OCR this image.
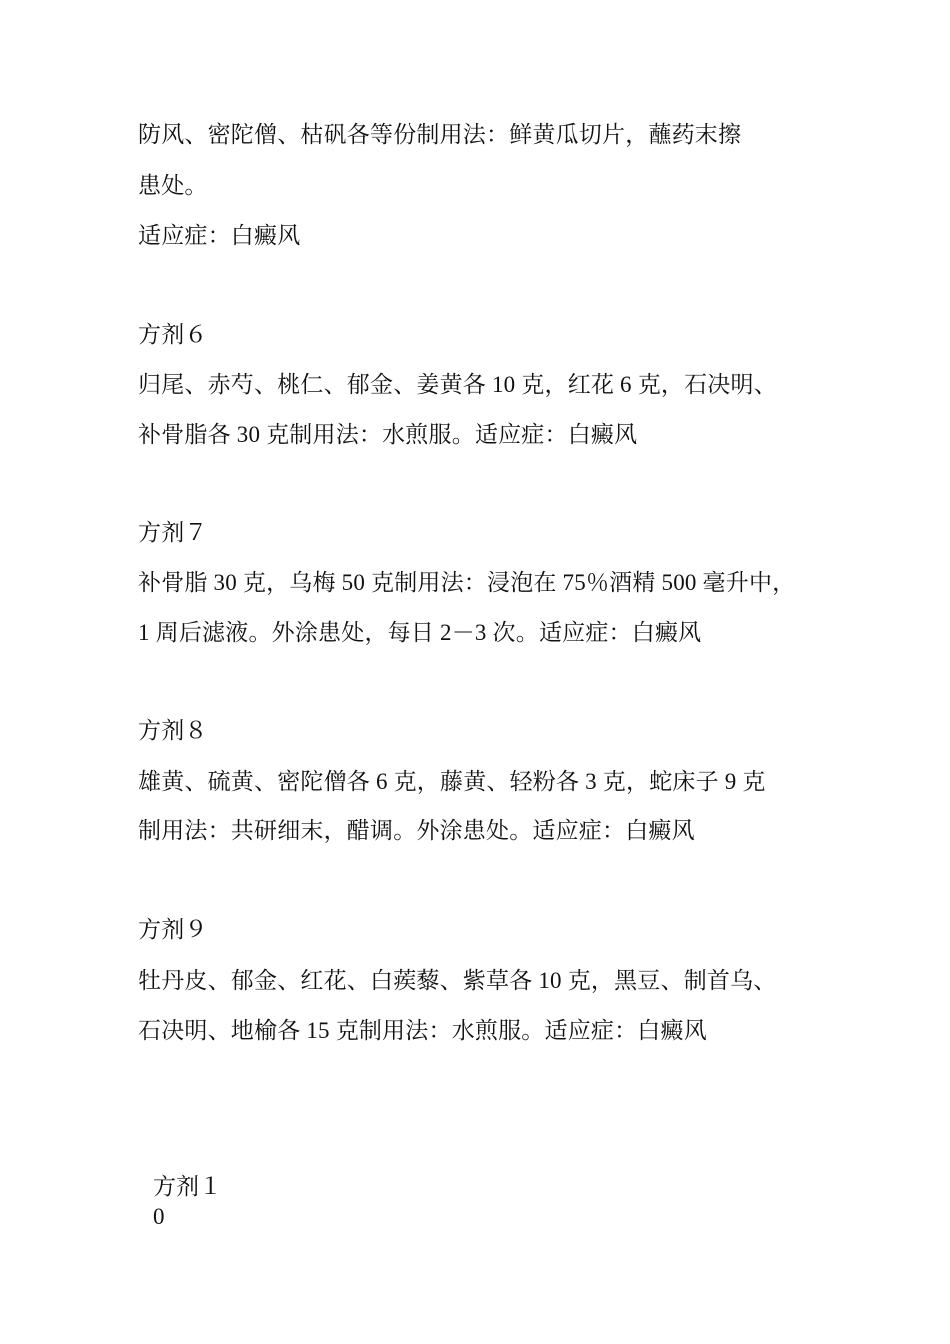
防风、密陀僧、枯矾各等份制用法：鲜黄瓜切片，蘸药末擦
患处。
适应症：白癜风
方剂６
归尾、赤芍、桃仁、郁金、姜黄各 10 克，红花 6 克，石决明、
补骨脂各 30 克制用法：水煎服。适应症：白癜风
方剂７
补骨脂 30 克，乌梅 50 克制用法：浸泡在 75％酒精 500 毫升中，
1 周后滤液。外涂患处，每日 2－3 次。适应症：白癜风
方剂８
雄黄、硫黄、密陀僧各 6 克，藤黄、轻粉各 3 克，蛇床子 9 克
制用法：共研细末，醋调。外涂患处。适应症：白癜风
方剂９
牡丹皮、郁金、红花、白蒺藜、紫草各 10 克，黑豆、制首乌、
石决明、地榆各 15 克制用法：水煎服。适应症：白癜风
方剂１0
